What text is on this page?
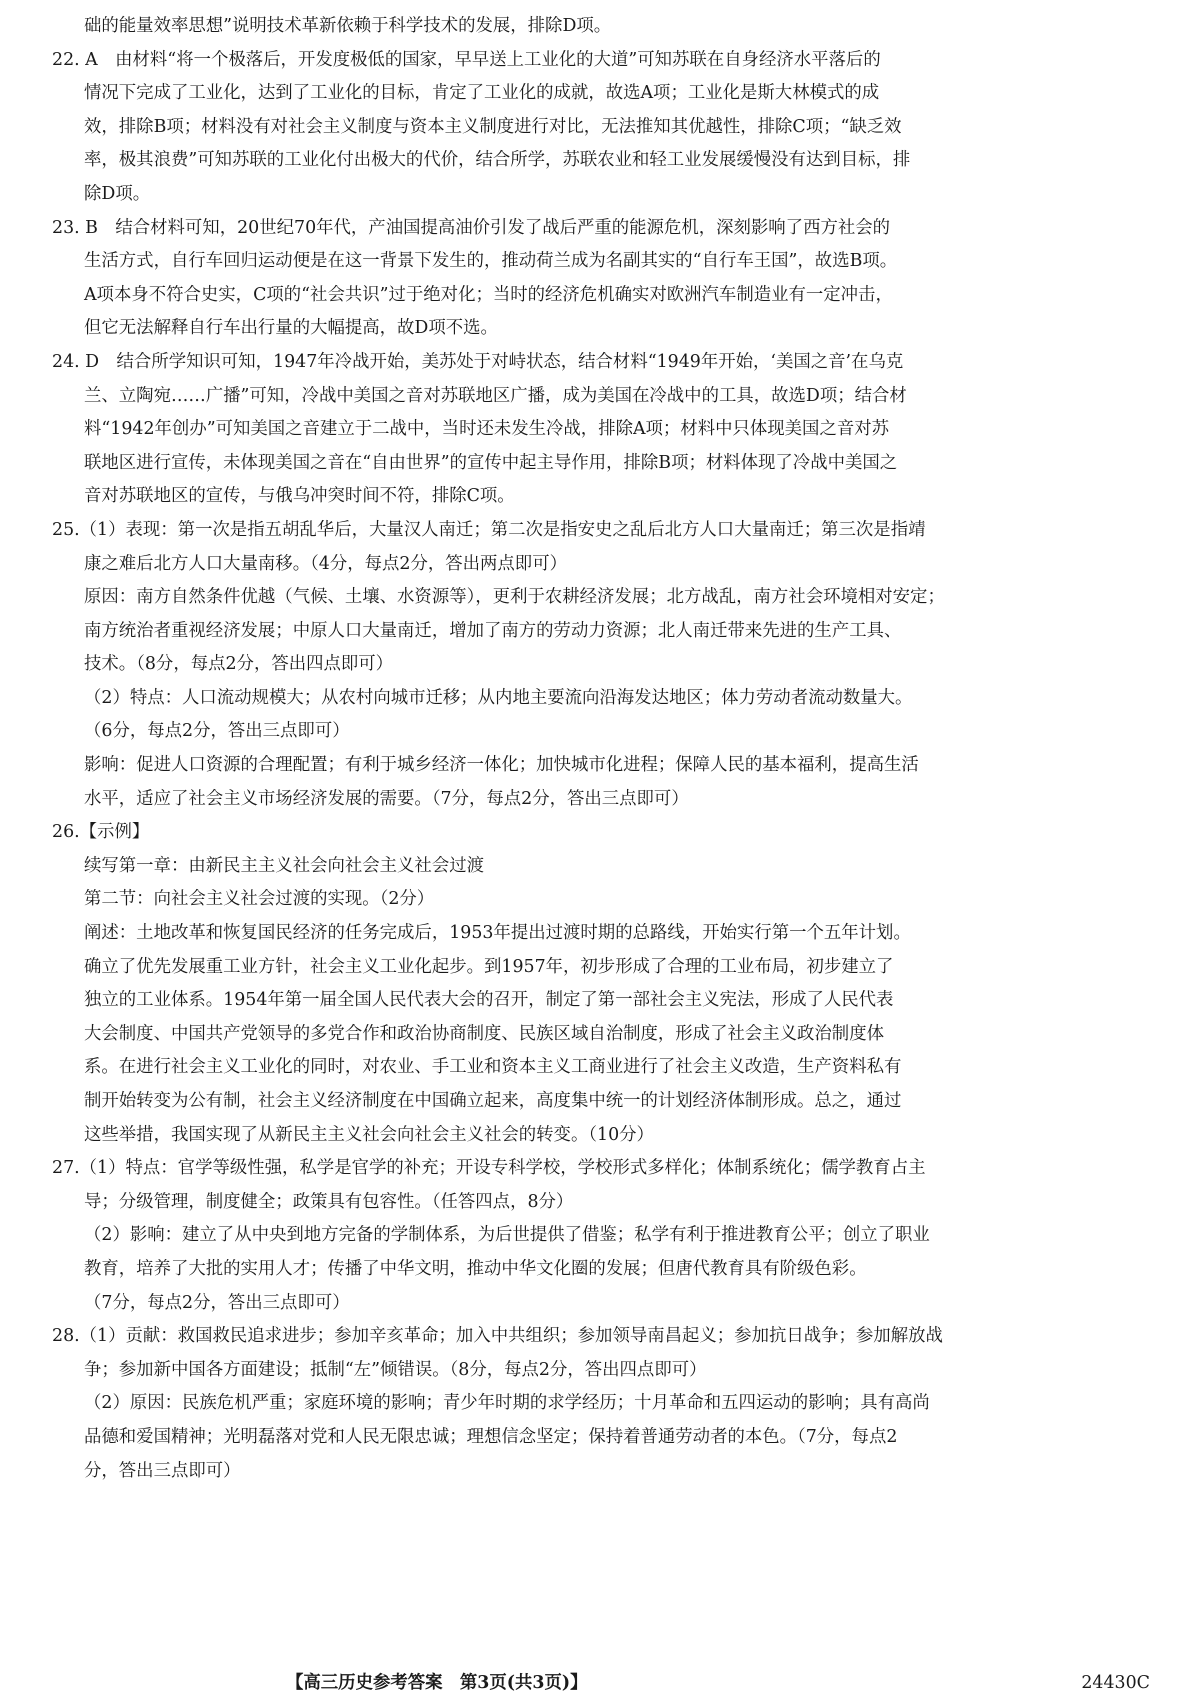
础的能量效率思想”说明技术革新依赖于科学技术的发展，排除D项。
22. A　由材料“将一个极落后，开发度极低的国家，早早送上工业化的大道”可知苏联在自身经济水平落后的
情况下完成了工业化，达到了工业化的目标，肯定了工业化的成就，故选A项；工业化是斯大林模式的成
效，排除B项；材料没有对社会主义制度与资本主义制度进行对比，无法推知其优越性，排除C项；“缺乏效
率，极其浪费”可知苏联的工业化付出极大的代价，结合所学，苏联农业和轻工业发展缓慢没有达到目标，排
除D项。
23. B　结合材料可知，20世纪70年代，产油国提高油价引发了战后严重的能源危机，深刻影响了西方社会的
生活方式，自行车回归运动便是在这一背景下发生的，推动荷兰成为名副其实的“自行车王国”，故选B项。
A项本身不符合史实，C项的“社会共识”过于绝对化；当时的经济危机确实对欧洲汽车制造业有一定冲击，
但它无法解释自行车出行量的大幅提高，故D项不选。
24. D　结合所学知识可知，1947年冷战开始，美苏处于对峙状态，结合材料“1949年开始，‘美国之音’在乌克
兰、立陶宛……广播”可知，冷战中美国之音对苏联地区广播，成为美国在冷战中的工具，故选D项；结合材
料“1942年创办”可知美国之音建立于二战中，当时还未发生冷战，排除A项；材料中只体现美国之音对苏
联地区进行宣传，未体现美国之音在“自由世界”的宣传中起主导作用，排除B项；材料体现了冷战中美国之
音对苏联地区的宣传，与俄乌冲突时间不符，排除C项。
25.（1）表现：第一次是指五胡乱华后，大量汉人南迁；第二次是指安史之乱后北方人口大量南迁；第三次是指靖
康之难后北方人口大量南移。（4分，每点2分，答出两点即可）
原因：南方自然条件优越（气候、土壤、水资源等），更利于农耕经济发展；北方战乱，南方社会环境相对安定；
南方统治者重视经济发展；中原人口大量南迁，增加了南方的劳动力资源；北人南迁带来先进的生产工具、
技术。（8分，每点2分，答出四点即可）
（2）特点：人口流动规模大；从农村向城市迁移；从内地主要流向沿海发达地区；体力劳动者流动数量大。
（6分，每点2分，答出三点即可）
影响：促进人口资源的合理配置；有利于城乡经济一体化；加快城市化进程；保障人民的基本福利，提高生活
水平，适应了社会主义市场经济发展的需要。（7分，每点2分，答出三点即可）
26.【示例】
续写第一章：由新民主主义社会向社会主义社会过渡
第二节：向社会主义社会过渡的实现。（2分）
阐述：土地改革和恢复国民经济的任务完成后，1953年提出过渡时期的总路线，开始实行第一个五年计划。
确立了优先发展重工业方针，社会主义工业化起步。到1957年，初步形成了合理的工业布局，初步建立了
独立的工业体系。1954年第一届全国人民代表大会的召开，制定了第一部社会主义宪法，形成了人民代表
大会制度、中国共产党领导的多党合作和政治协商制度、民族区域自治制度，形成了社会主义政治制度体
系。在进行社会主义工业化的同时，对农业、手工业和资本主义工商业进行了社会主义改造，生产资料私有
制开始转变为公有制，社会主义经济制度在中国确立起来，高度集中统一的计划经济体制形成。总之，通过
这些举措，我国实现了从新民主主义社会向社会主义社会的转变。（10分）
27.（1）特点：官学等级性强，私学是官学的补充；开设专科学校，学校形式多样化；体制系统化；儒学教育占主
导；分级管理，制度健全；政策具有包容性。（任答四点，8分）
（2）影响：建立了从中央到地方完备的学制体系，为后世提供了借鉴；私学有利于推进教育公平；创立了职业
教育，培养了大批的实用人才；传播了中华文明，推动中华文化圈的发展；但唐代教育具有阶级色彩。
（7分，每点2分，答出三点即可）
28.（1）贡献：救国救民追求进步；参加辛亥革命；加入中共组织；参加领导南昌起义；参加抗日战争；参加解放战
争；参加新中国各方面建设；抵制“左”倾错误。（8分，每点2分，答出四点即可）
（2）原因：民族危机严重；家庭环境的影响；青少年时期的求学经历；十月革命和五四运动的影响；具有高尚
品德和爱国精神；光明磊落对党和人民无限忠诚；理想信念坚定；保持着普通劳动者的本色。（7分，每点2
分，答出三点即可）
【高三历史参考答案　第3页(共3页)】	24430C
